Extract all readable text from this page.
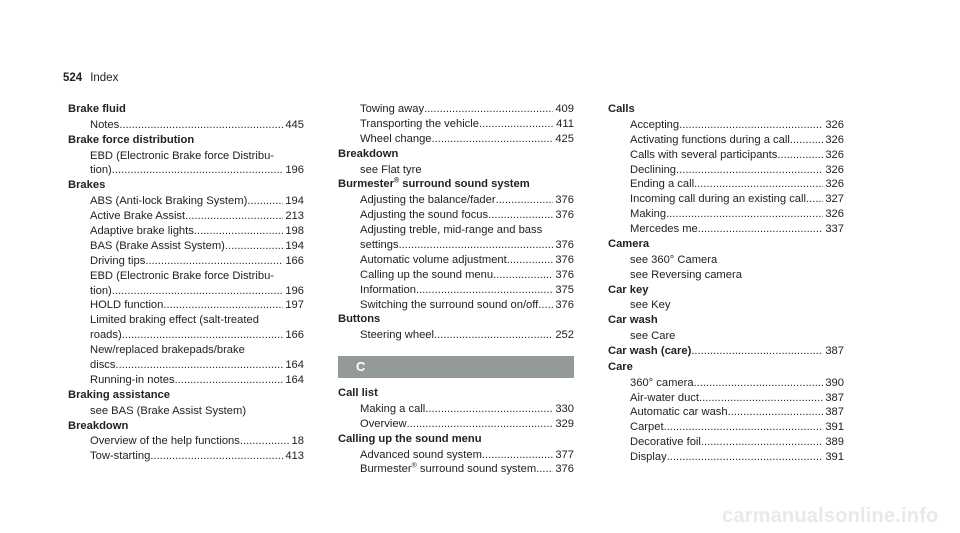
524 Index
Brake fluid
Notes .....	445
Brake force distribution
EBD (Electronic Brake force Distribu-
tion) .....	196
Brakes
ABS (Anti-lock Braking System) .....	194
Active Brake Assist .....	213
Adaptive brake lights .....	198
BAS (Brake Assist System) .....	194
Driving tips .....	166
EBD (Electronic Brake force Distribu-
tion) .....	196
HOLD function .....	197
Limited braking effect (salt-treated
roads) .....	166
New/replaced brakepads/brake
discs .....	164
Running-in notes .....	164
Braking assistance
see BAS (Brake Assist System)
Breakdown
Overview of the help functions .....	18
Tow-starting .....	413
Towing away .....	409
Transporting the vehicle .....	411
Wheel change .....	425
Breakdown
see Flat tyre
Burmester® surround sound system
Adjusting the balance/fader .....	376
Adjusting the sound focus .....	376
Adjusting treble, mid-range and bass
settings .....	376
Automatic volume adjustment .....	376
Calling up the sound menu .....	376
Information .....	375
Switching the surround sound on/off ..... 376
Buttons
Steering wheel .....	252
C
Call list
Making a call .....	330
Overview .....	329
Calling up the sound menu
Advanced sound system .....	377
Burmester® surround sound system ..... 376
Calls
Accepting .....	326
Activating functions during a call .....	326
Calls with several participants .....	326
Declining .....	326
Ending a call .....	326
Incoming call during an existing call ..... 327
Making .....	326
Mercedes me .....	337
Camera
see 360° Camera
see Reversing camera
Car key
see Key
Car wash
see Care
Car wash (care) .....	387
Care
360° camera .....	390
Air-water duct .....	387
Automatic car wash .....	387
Carpet .....	391
Decorative foil .....	389
Display .....	391
carmanualsonline.info
